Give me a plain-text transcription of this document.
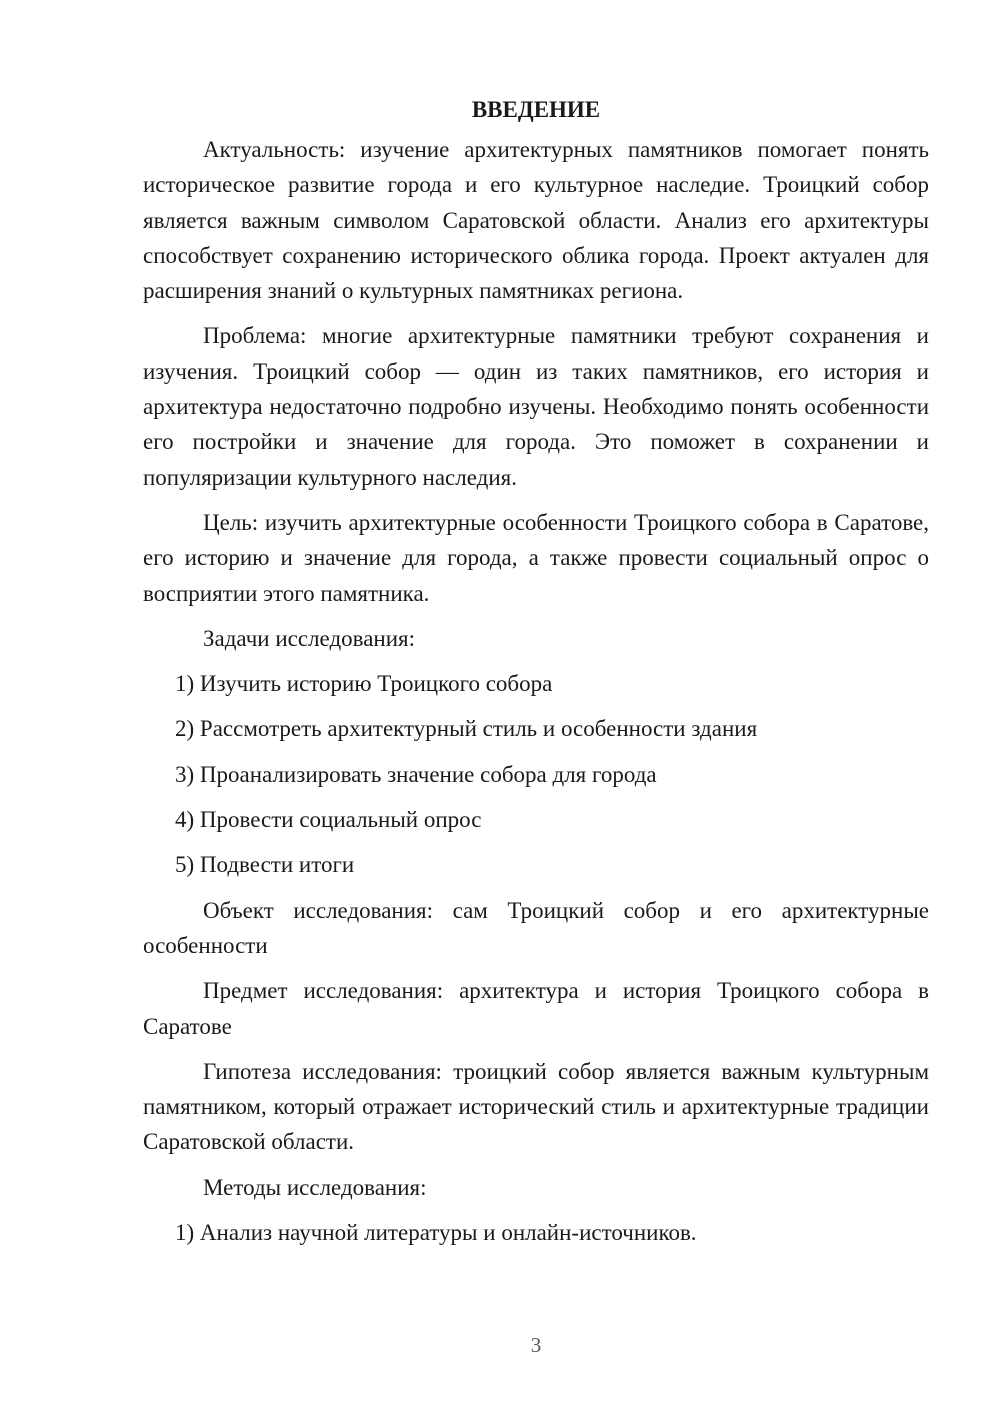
ВВЕДЕНИЕ

Актуальность: изучение архитектурных памятников помогает понять историческое развитие города и его культурное наследие. Троицкий собор является важным символом Саратовской области. Анализ его архитектуры способствует сохранению исторического облика города. Проект актуален для расширения знаний о культурных памятниках региона.

Проблема: многие архитектурные памятники требуют сохранения и изучения. Троицкий собор — один из таких памятников, его история и архитектура недостаточно подробно изучены. Необходимо понять особенности его постройки и значение для города. Это поможет в сохранении и популяризации культурного наследия.

Цель: изучить архитектурные особенности Троицкого собора в Саратове, его историю и значение для города, а также провести социальный опрос о восприятии этого памятника.

Задачи исследования:

1) Изучить историю Троицкого собора
2) Рассмотреть архитектурный стиль и особенности здания
3) Проанализировать значение собора для города
4) Провести социальный опрос
5) Подвести итоги

Объект исследования: сам Троицкий собор и его архитектурные особенности

Предмет исследования: архитектура и история Троицкого собора в Саратове

Гипотеза исследования: троицкий собор является важным культурным памятником, который отражает исторический стиль и архитектурные традиции Саратовской области.

Методы исследования:

1) Анализ научной литературы и онлайн-источников.
3
